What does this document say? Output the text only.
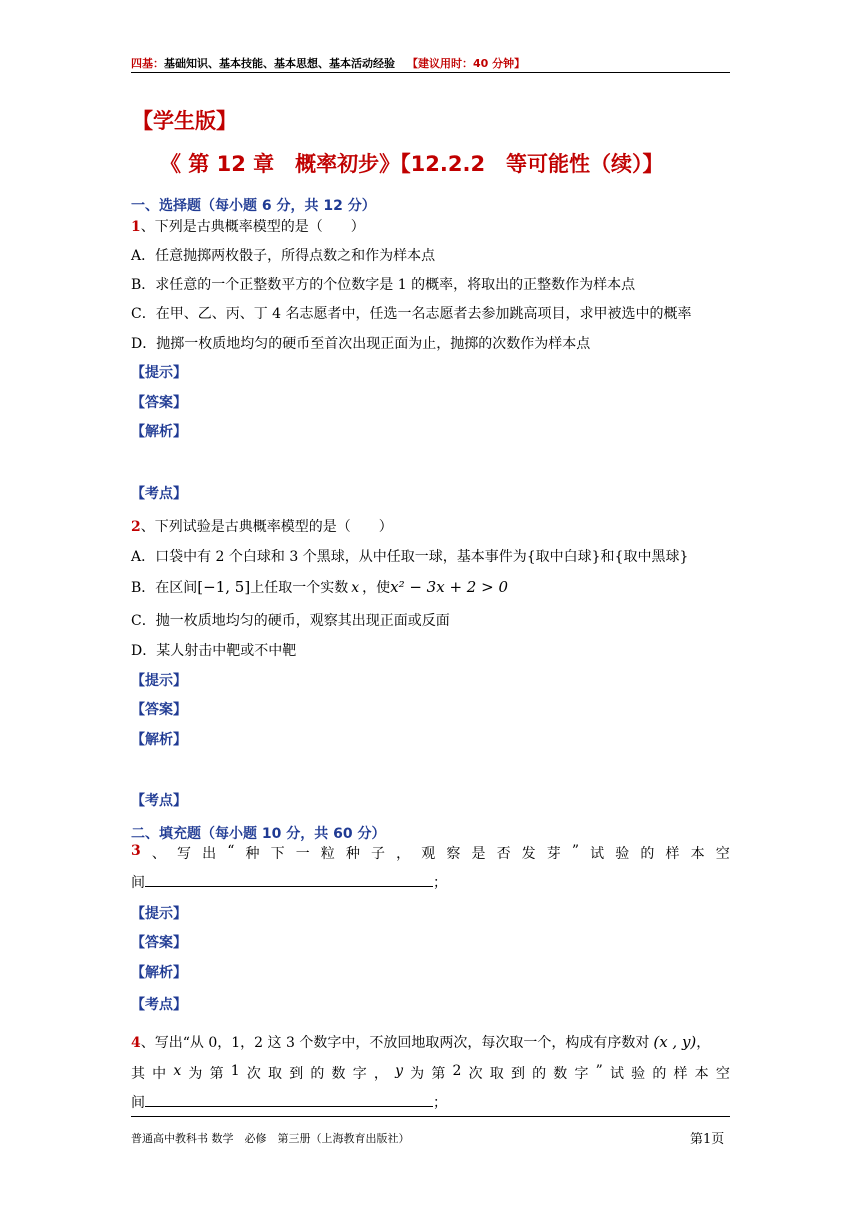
四基：基础知识、基本技能、基本思想、基本活动经验 【建议用时：40 分钟】
【学生版】
《 第 12 章　概率初步》【12.2.2　等可能性（续）】
一、选择题（每小题 6 分，共 12 分）
1、下列是古典概率模型的是（　　）
A．任意抛掷两枚骰子，所得点数之和作为样本点
B．求任意的一个正整数平方的个位数字是 1 的概率，将取出的正整数作为样本点
C．在甲、乙、丙、丁 4 名志愿者中，任选一名志愿者去参加跳高项目，求甲被选中的概率
D．抛掷一枚质地均匀的硬币至首次出现正面为止，抛掷的次数作为样本点
【提示】
【答案】
【解析】
【考点】
2、下列试验是古典概率模型的是（　　）
A．口袋中有 2 个白球和 3 个黑球，从中任取一球，基本事件为{取中白球}和{取中黑球}
B．在区间[−1, 5]上任取一个实数 x ，使x² − 3x + 2 > 0
C．抛一枚质地均匀的硬币，观察其出现正面或反面
D．某人射击中靶或不中靶
【提示】
【答案】
【解析】
【考点】
二、填充题（每小题 10 分，共 60 分）
3 、 写 出 “ 种 下 一 粒 种 子 ， 观 察 是 否 发 芽 ” 试 验 的 样 本 空
间	；
【提示】
【答案】
【解析】
【考点】
4、写出“从 0，1，2 这 3 个数字中，不放回地取两次，每次取一个，构成有序数对 (x , y)，
其 中 x 为 第 1 次 取 到 的 数 字 ， y 为 第 2 次 取 到 的 数 字 ” 试 验 的 样 本 空
间	；
普通高中教科书 数学　必修　第三册（上海教育出版社）	第1页
